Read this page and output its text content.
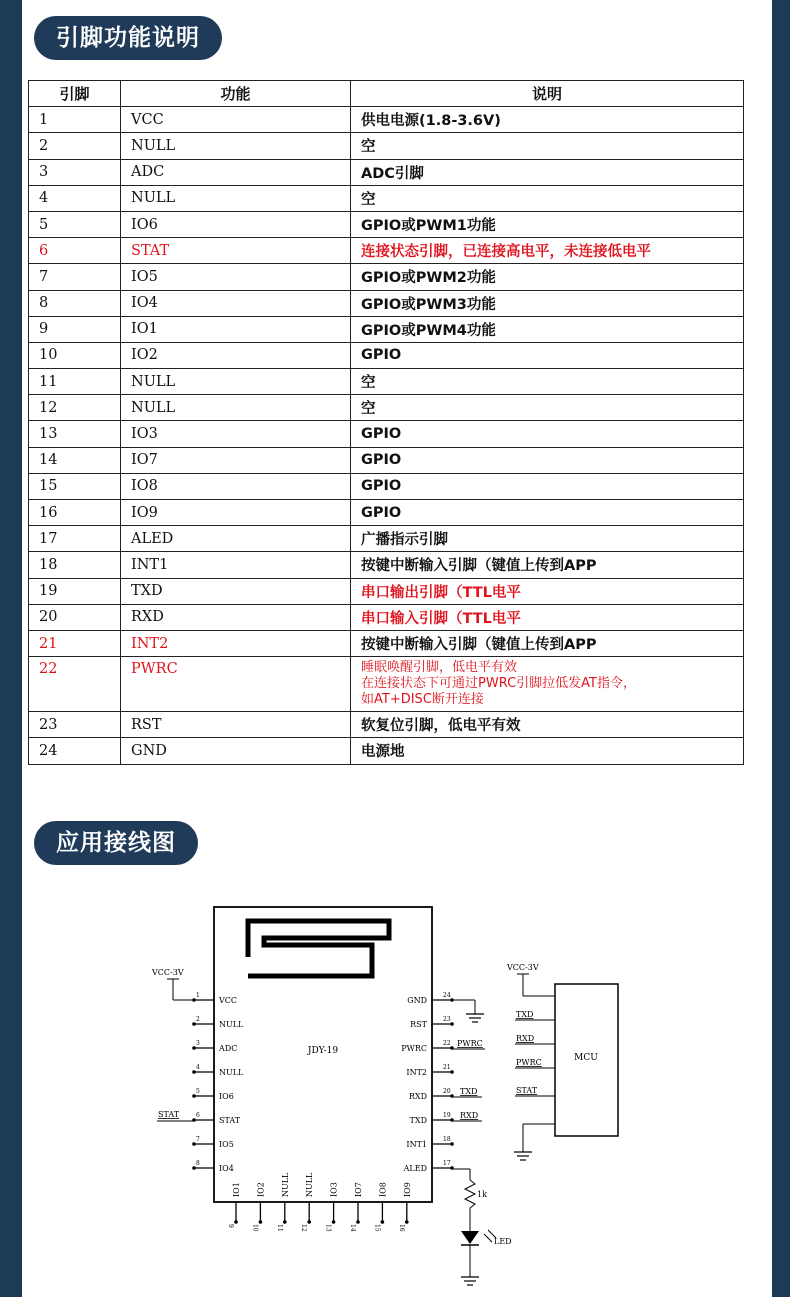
引脚功能说明
引脚	功能	说明
1	VCC	供电电源(1.8-3.6V)
2	NULL	空
3	ADC	ADC引脚
4	NULL	空
5	IO6	GPIO或PWM1功能
6	STAT	连接状态引脚，已连接高电平，未连接低电平
7	IO5	GPIO或PWM2功能
8	IO4	GPIO或PWM3功能
9	IO1	GPIO或PWM4功能
10	IO2	GPIO
11	NULL	空
12	NULL	空
13	IO3	GPIO
14	IO7	GPIO
15	IO8	GPIO
16	IO9	GPIO
17	ALED	广播指示引脚
18	INT1	按键中断输入引脚（键值上传到APP
19	TXD	串口输出引脚（TTL电平
20	RXD	串口输入引脚（TTL电平
21	INT2	按键中断输入引脚（键值上传到APP
22	PWRC	睡眠唤醒引脚，低电平有效
在连接状态下可通过PWRC引脚拉低发AT指令，
如AT+DISC断开连接

23	RST	软复位引脚，低电平有效
24	GND	电源地
应用接线图
JDY-19
1
VCC
2
NULL
3
ADC
4
NULL
5
IO6
6
STAT
7
IO5
8
IO4
24
GND
23
RST
22
PWRC
21
INT2
20
RXD
19
TXD
18
INT1
17
ALED
9
IO1
10
IO2
11
NULL
12
NULL
13
IO3
14
IO7
15
IO8
16
IO9
VCC-3V
STAT
PWRC
TXD
RXD
1k
LED
MCU
VCC-3V
TXD
RXD
PWRC
STAT
